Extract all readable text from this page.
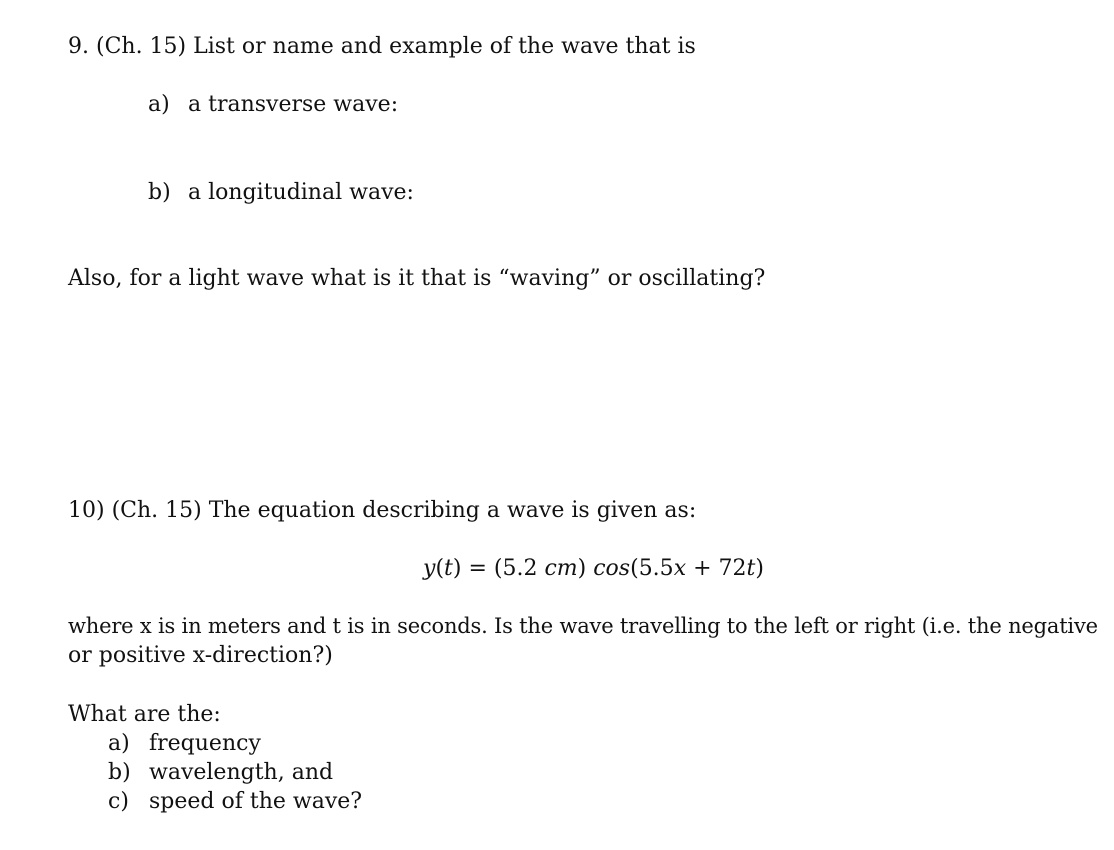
9. (Ch. 15) List or name and example of the wave that is
a) a transverse wave:
b) a longitudinal wave:
Also, for a light wave what is it that is “waving” or oscillating?
10) (Ch. 15) The equation describing a wave is given as:
y(t) = (5.2 cm) cos(5.5x + 72t)
where x is in meters and t is in seconds. Is the wave travelling to the left or right (i.e. the negative
or positive x-direction?)
What are the:
a) frequency
b) wavelength, and
c) speed of the wave?
